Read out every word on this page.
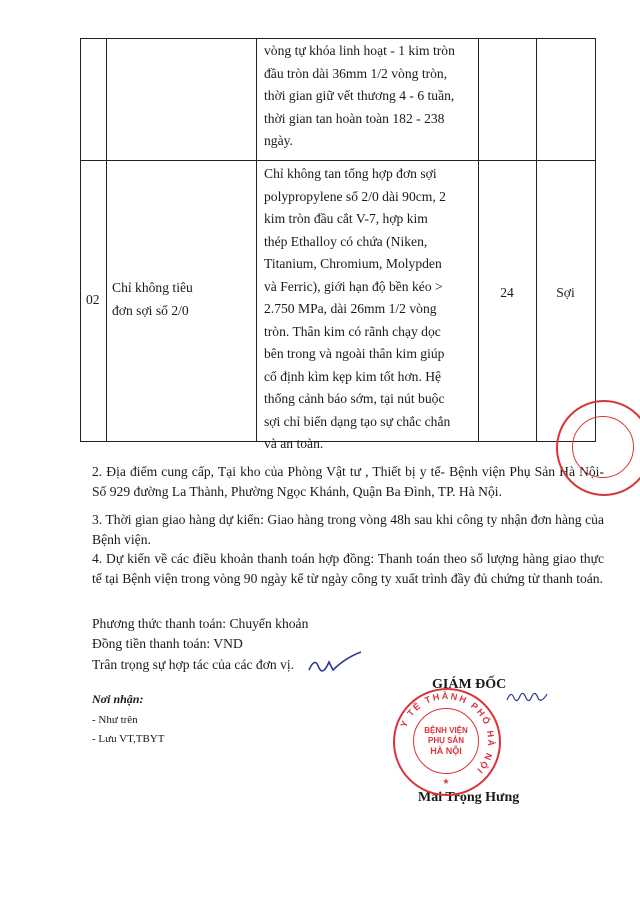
vòng tự khóa linh hoạt - 1 kim tròn
đầu tròn dài 36mm 1/2 vòng tròn,
thời gian giữ vết thương 4 - 6 tuần,
thời gian tan hoàn toàn 182 - 238
ngày.
02
Chỉ không tiêu
đơn sợi số 2/0
Chỉ không tan tổng hợp đơn sợi
polypropylene số 2/0 dài 90cm, 2
kim tròn đầu cắt V-7, hợp kim
thép Ethalloy có chứa (Niken,
Titanium, Chromium, Molypden
và Ferric), giới hạn độ bền kéo >
2.750 MPa, dài 26mm 1/2 vòng
tròn. Thân kim có rãnh chạy dọc
bên trong và ngoài thân kim giúp
cố định kìm kẹp kim tốt hơn. Hệ
thống cảnh báo sớm, tại nút buộc
sợi chỉ biến dạng tạo sự chắc chắn
và an toàn.
24	Sợi
2. Địa điểm cung cấp, Tại kho của Phòng Vật tư , Thiết bị y tế- Bệnh viện Phụ Sản Hà Nội- Số 929 đường La Thành, Phường Ngọc Khánh, Quận Ba Đình, TP. Hà Nội.
3. Thời gian giao hàng dự kiến: Giao hàng trong vòng 48h sau khi công ty nhận đơn hàng của Bệnh viện.
4. Dự kiến về các điều khoản thanh toán hợp đồng: Thanh toán theo số lượng hàng giao thực tế tại Bệnh viện trong vòng 90 ngày kể từ ngày công ty xuất trình đầy đủ chứng từ thanh toán.
Phương thức thanh toán: Chuyển khoản
Đồng tiền thanh toán: VND
Trân trọng sự hợp tác của các đơn vị.
Nơi nhận:
- Như trên
- Lưu VT,TBYT
GIÁM ĐỐC
Mai Trọng Hưng
BỆNH VIỆN
PHỤ SẢN
HÀ NỘI
Y TẾ THÀNH PHỐ HÀ NỘI
★
